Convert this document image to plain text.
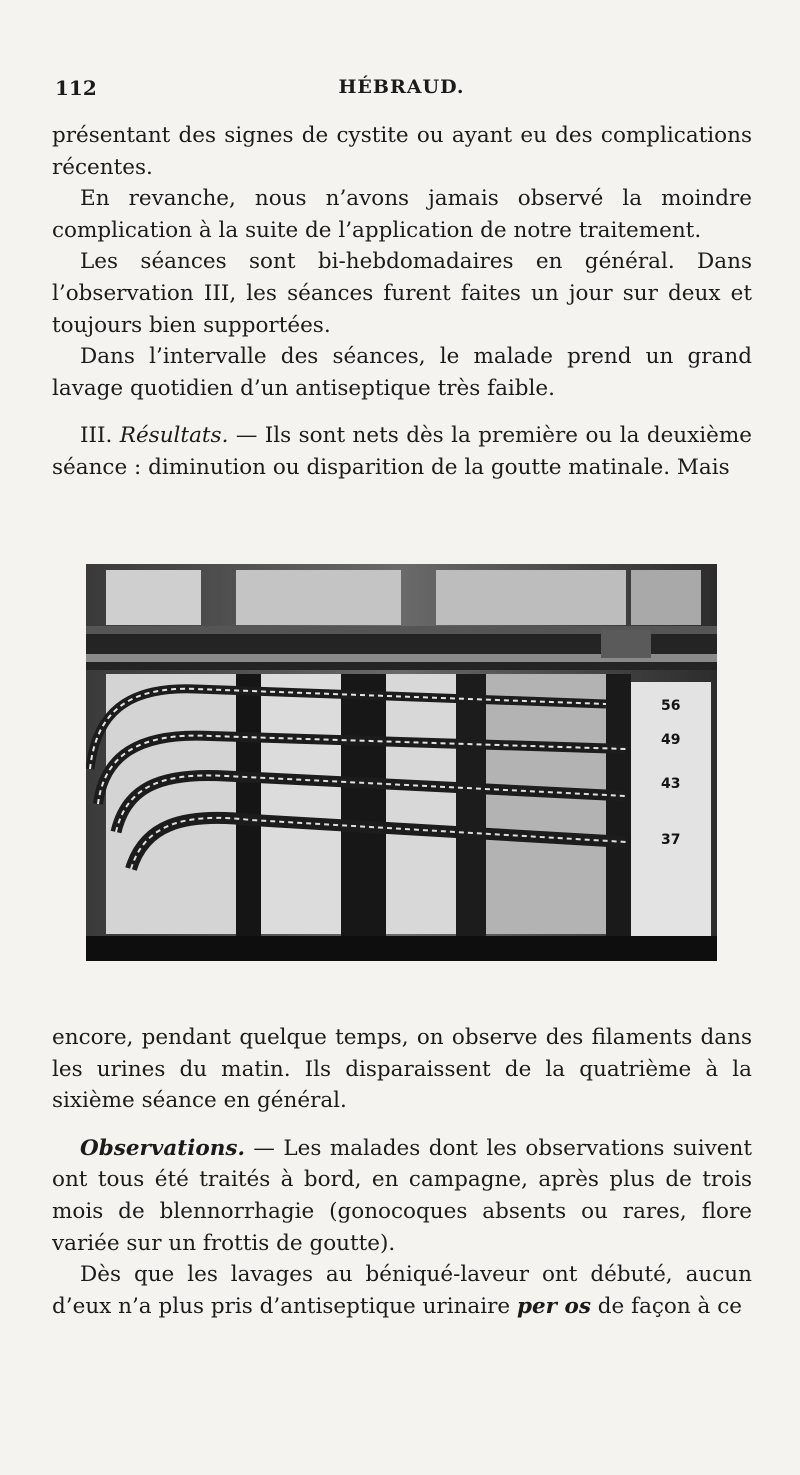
112	HÉBRAUD.

présentant des signes de cystite ou ayant eu des complications récentes.

En revanche, nous n’avons jamais observé la moindre complication à la suite de l’application de notre traitement.

Les séances sont bi-hebdomadaires en général. Dans l’observation III, les séances furent faites un jour sur deux et toujours bien supportées.

Dans l’intervalle des séances, le malade prend un grand lavage quotidien d’un antiseptique très faible.

III. Résultats. — Ils sont nets dès la première ou la deuxième séance : diminution ou disparition de la goutte matinale. Mais

56
49
43
37

encore, pendant quelque temps, on observe des filaments dans les urines du matin. Ils disparaissent de la quatrième à la sixième séance en général.

Observations. — Les malades dont les observations suivent ont tous été traités à bord, en campagne, après plus de trois mois de blennorrhagie (gonocoques absents ou rares, flore variée sur un frottis de goutte).

Dès que les lavages au béniqué-laveur ont débuté, aucun d’eux n’a plus pris d’antiseptique urinaire per os de façon à ce
